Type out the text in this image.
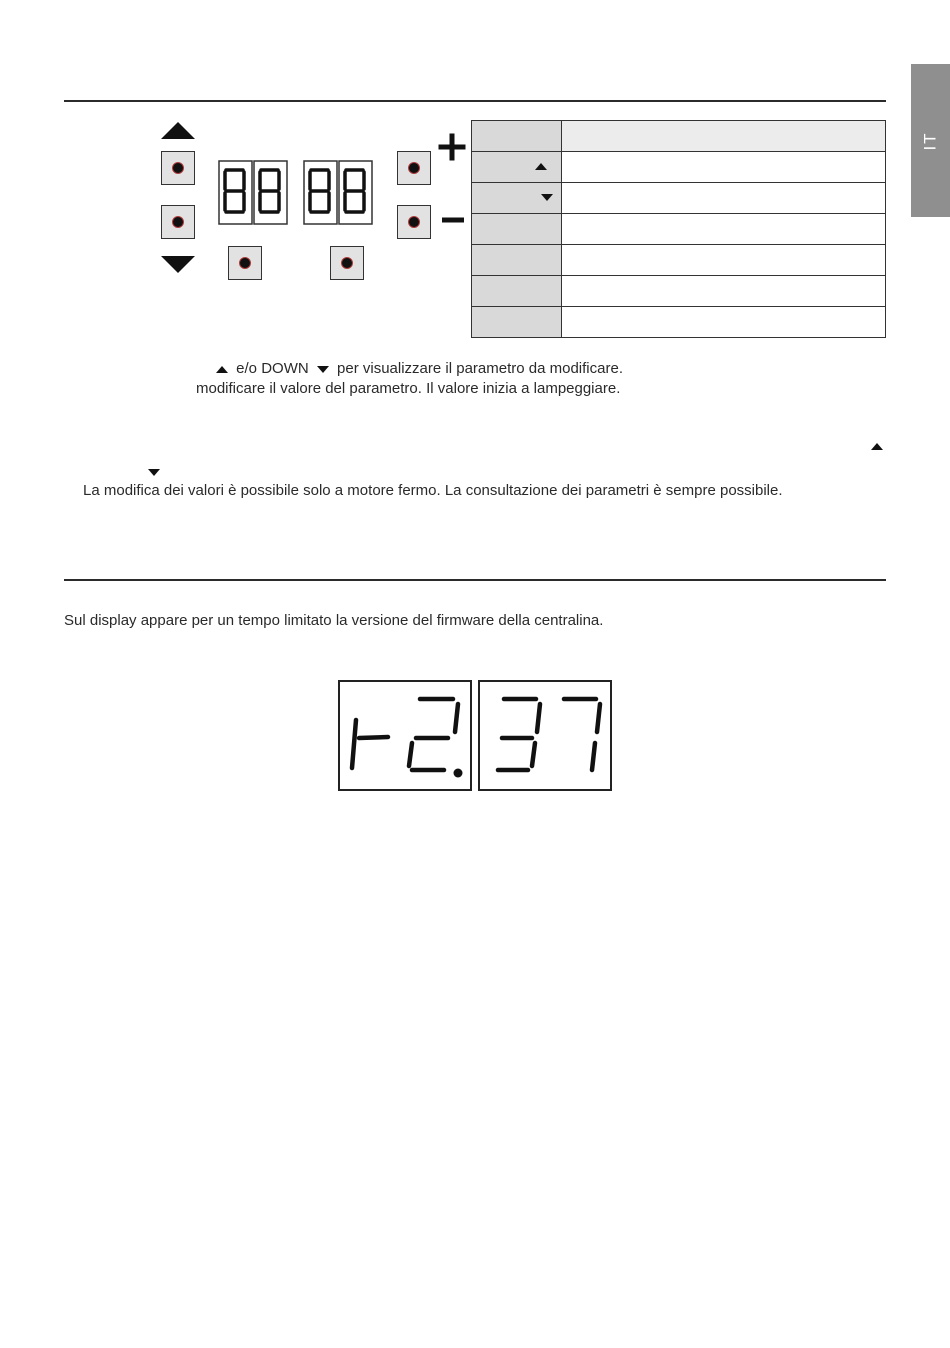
IT

e/o DOWN per visualizzare il parametro da modificare.
modificare il valore del parametro. Il valore inizia a lampeggiare.
La modifica dei valori è possibile solo a motore fermo. La consultazione dei parametri è sempre possibile.
Sul display appare per un tempo limitato la versione del firmware della centralina.
